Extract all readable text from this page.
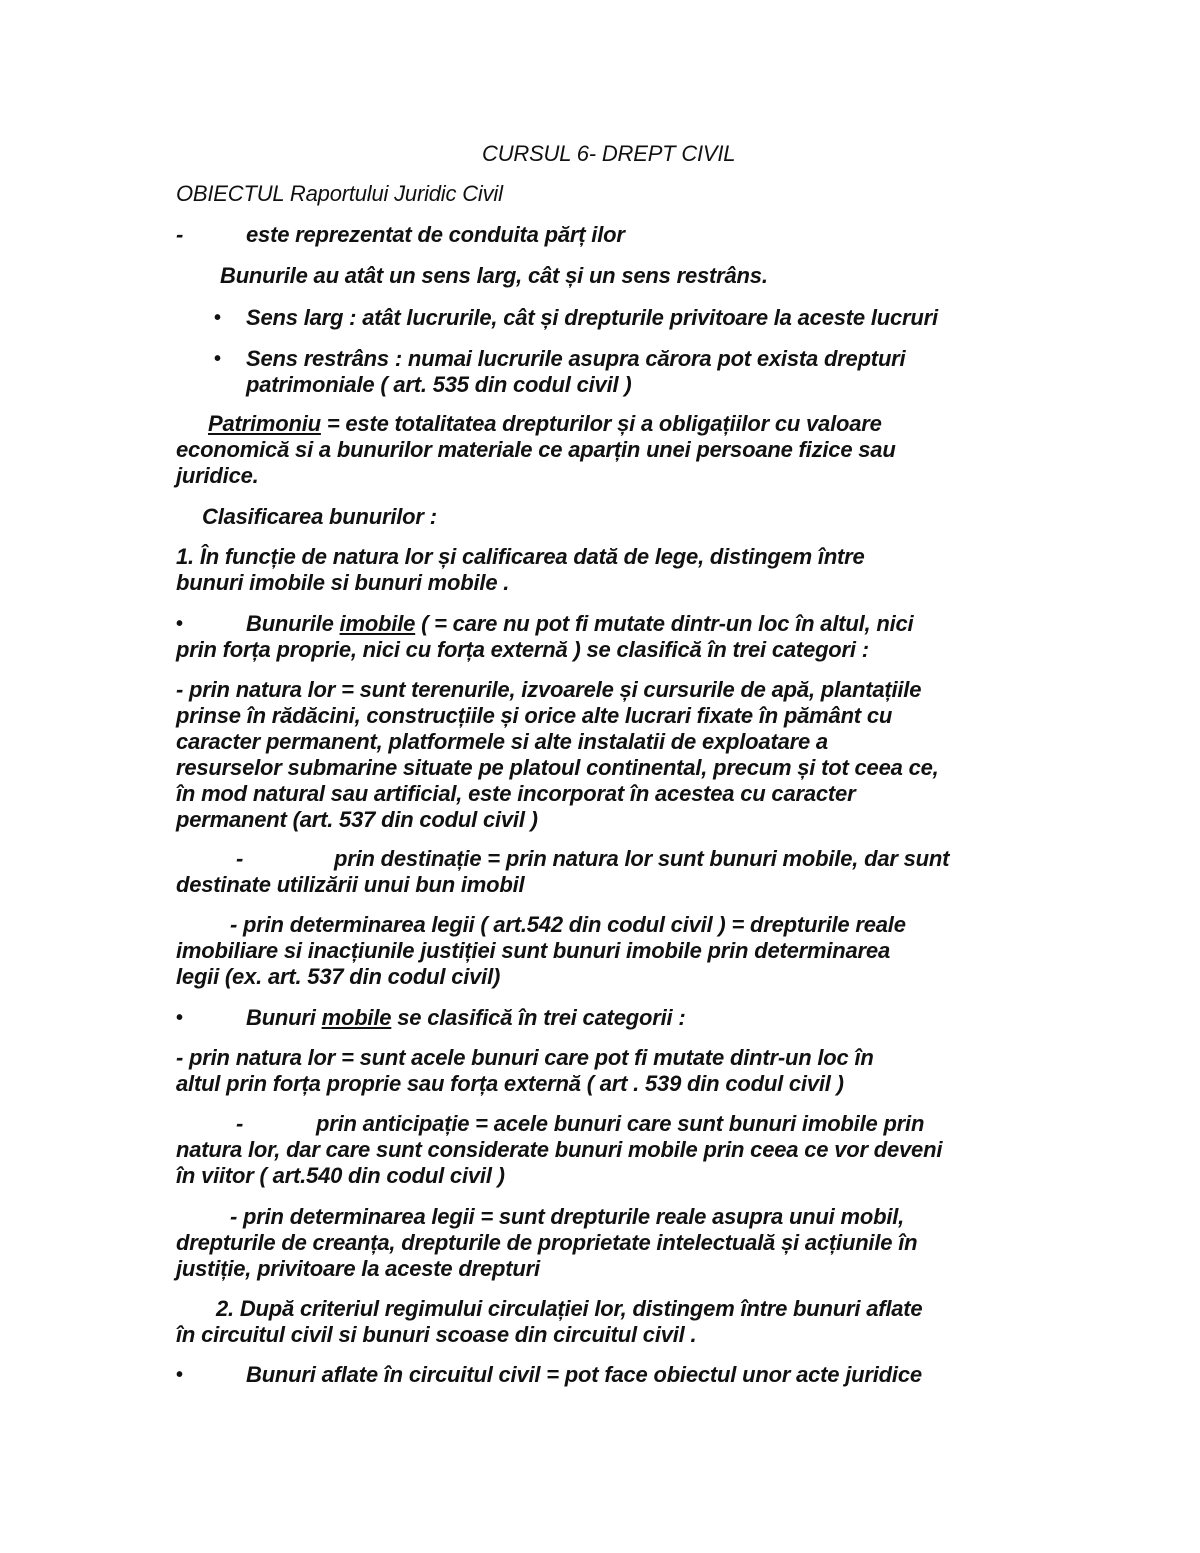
CURSUL 6- DREPT CIVIL
OBIECTUL Raportului Juridic Civil
-	este reprezentat de conduita părț ilor
Bunurile au atât un sens larg, cât și un sens restrâns.
• Sens larg : atât lucrurile, cât și drepturile privitoare la aceste lucruri
• Sens restrâns : numai lucrurile asupra cărora pot exista drepturi
patrimoniale ( art. 535 din codul civil )
Patrimoniu = este totalitatea drepturilor și a obligațiilor cu valoare
economică si a bunurilor materiale ce aparțin unei persoane fizice sau
juridice.
Clasificarea bunurilor :
1. În funcție de natura lor și calificarea dată de lege, distingem între
bunuri imobile si bunuri mobile .
•	Bunurile imobile ( = care nu pot fi mutate dintr-un loc în altul, nici
prin forța proprie, nici cu forța externă ) se clasifică în trei categori :
- prin natura lor = sunt terenurile, izvoarele și cursurile de apă, plantațiile
prinse în rădăcini, construcțiile și orice alte lucrari fixate în pământ cu
caracter permanent, platformele si alte instalatii de exploatare a
resurselor submarine situate pe platoul continental, precum și tot ceea ce,
în mod natural sau artificial, este incorporat în acestea cu caracter
permanent (art. 537 din codul civil )
-	prin destinație = prin natura lor sunt bunuri mobile, dar sunt
destinate utilizării unui bun imobil
- prin determinarea legii ( art.542 din codul civil ) = drepturile reale
imobiliare si inacțiunile justiției sunt bunuri imobile prin determinarea
legii (ex. art. 537 din codul civil)
•	Bunuri mobile se clasifică în trei categorii :
- prin natura lor = sunt acele bunuri care pot fi mutate dintr-un loc în
altul prin forța proprie sau forța externă ( art . 539 din codul civil )
-	prin anticipație = acele bunuri care sunt bunuri imobile prin
natura lor, dar care sunt considerate bunuri mobile prin ceea ce vor deveni
în viitor ( art.540 din codul civil )
- prin determinarea legii = sunt drepturile reale asupra unui mobil,
drepturile de creanța, drepturile de proprietate intelectuală și acțiunile în
justiție, privitoare la aceste drepturi
2. După criteriul regimului circulației lor, distingem între bunuri aflate
în circuitul civil si bunuri scoase din circuitul civil .
•	Bunuri aflate în circuitul civil = pot face obiectul unor acte juridice
